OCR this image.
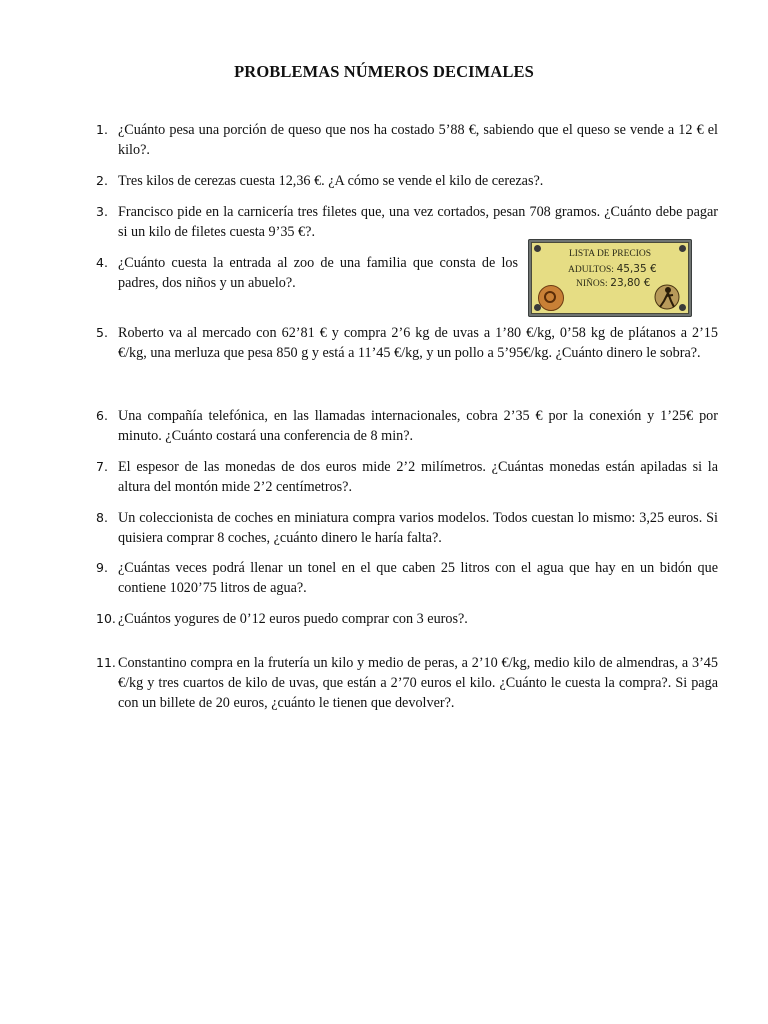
PROBLEMAS NÚMEROS DECIMALES
1. ¿Cuánto pesa una porción de queso que nos ha costado 5’88 €, sabiendo que el queso se vende a 12 € el kilo?.
2. Tres kilos de cerezas cuesta 12,36 €. ¿A cómo se vende el kilo de cerezas?.
3. Francisco pide en la carnicería tres filetes que, una vez cortados, pesan 708 gramos. ¿Cuánto debe pagar si un kilo de filetes cuesta 9’35 €?.
4. ¿Cuánto cuesta la entrada al zoo de una familia que consta de los padres, dos niños y un abuelo?.
LISTA DE PRECIOS
ADULTOS: 45,35 €
NIÑOS: 23,80 €
5. Roberto va al mercado con 62’81 € y compra 2’6 kg de uvas a 1’80 €/kg, 0’58 kg de plátanos a 2’15 €/kg, una merluza que pesa 850 g y está a 11’45 €/kg, y un pollo a 5’95€/kg. ¿Cuánto dinero le sobra?.
6. Una compañía telefónica, en las llamadas internacionales, cobra 2’35 € por la conexión y 1’25€ por minuto. ¿Cuánto costará una conferencia de 8 min?.
7. El espesor de las monedas de dos euros mide 2’2 milímetros. ¿Cuántas monedas están apiladas si la altura del montón mide 2’2 centímetros?.
8. Un coleccionista de coches en miniatura compra varios modelos. Todos cuestan lo mismo: 3,25 euros. Si quisiera comprar 8 coches, ¿cuánto dinero le haría falta?.
9. ¿Cuántas veces podrá llenar un tonel en el que caben 25 litros con el agua que hay en un bidón que contiene 1020’75 litros de agua?.
10. ¿Cuántos yogures de 0’12 euros puedo comprar con 3 euros?.
11. Constantino compra en la frutería un kilo y medio de peras, a 2’10 €/kg, medio kilo de almendras, a 3’45 €/kg y tres cuartos de kilo de uvas, que están a 2’70 euros el kilo. ¿Cuánto le cuesta la compra?. Si paga con un billete de 20 euros, ¿cuánto le tienen que devolver?.
